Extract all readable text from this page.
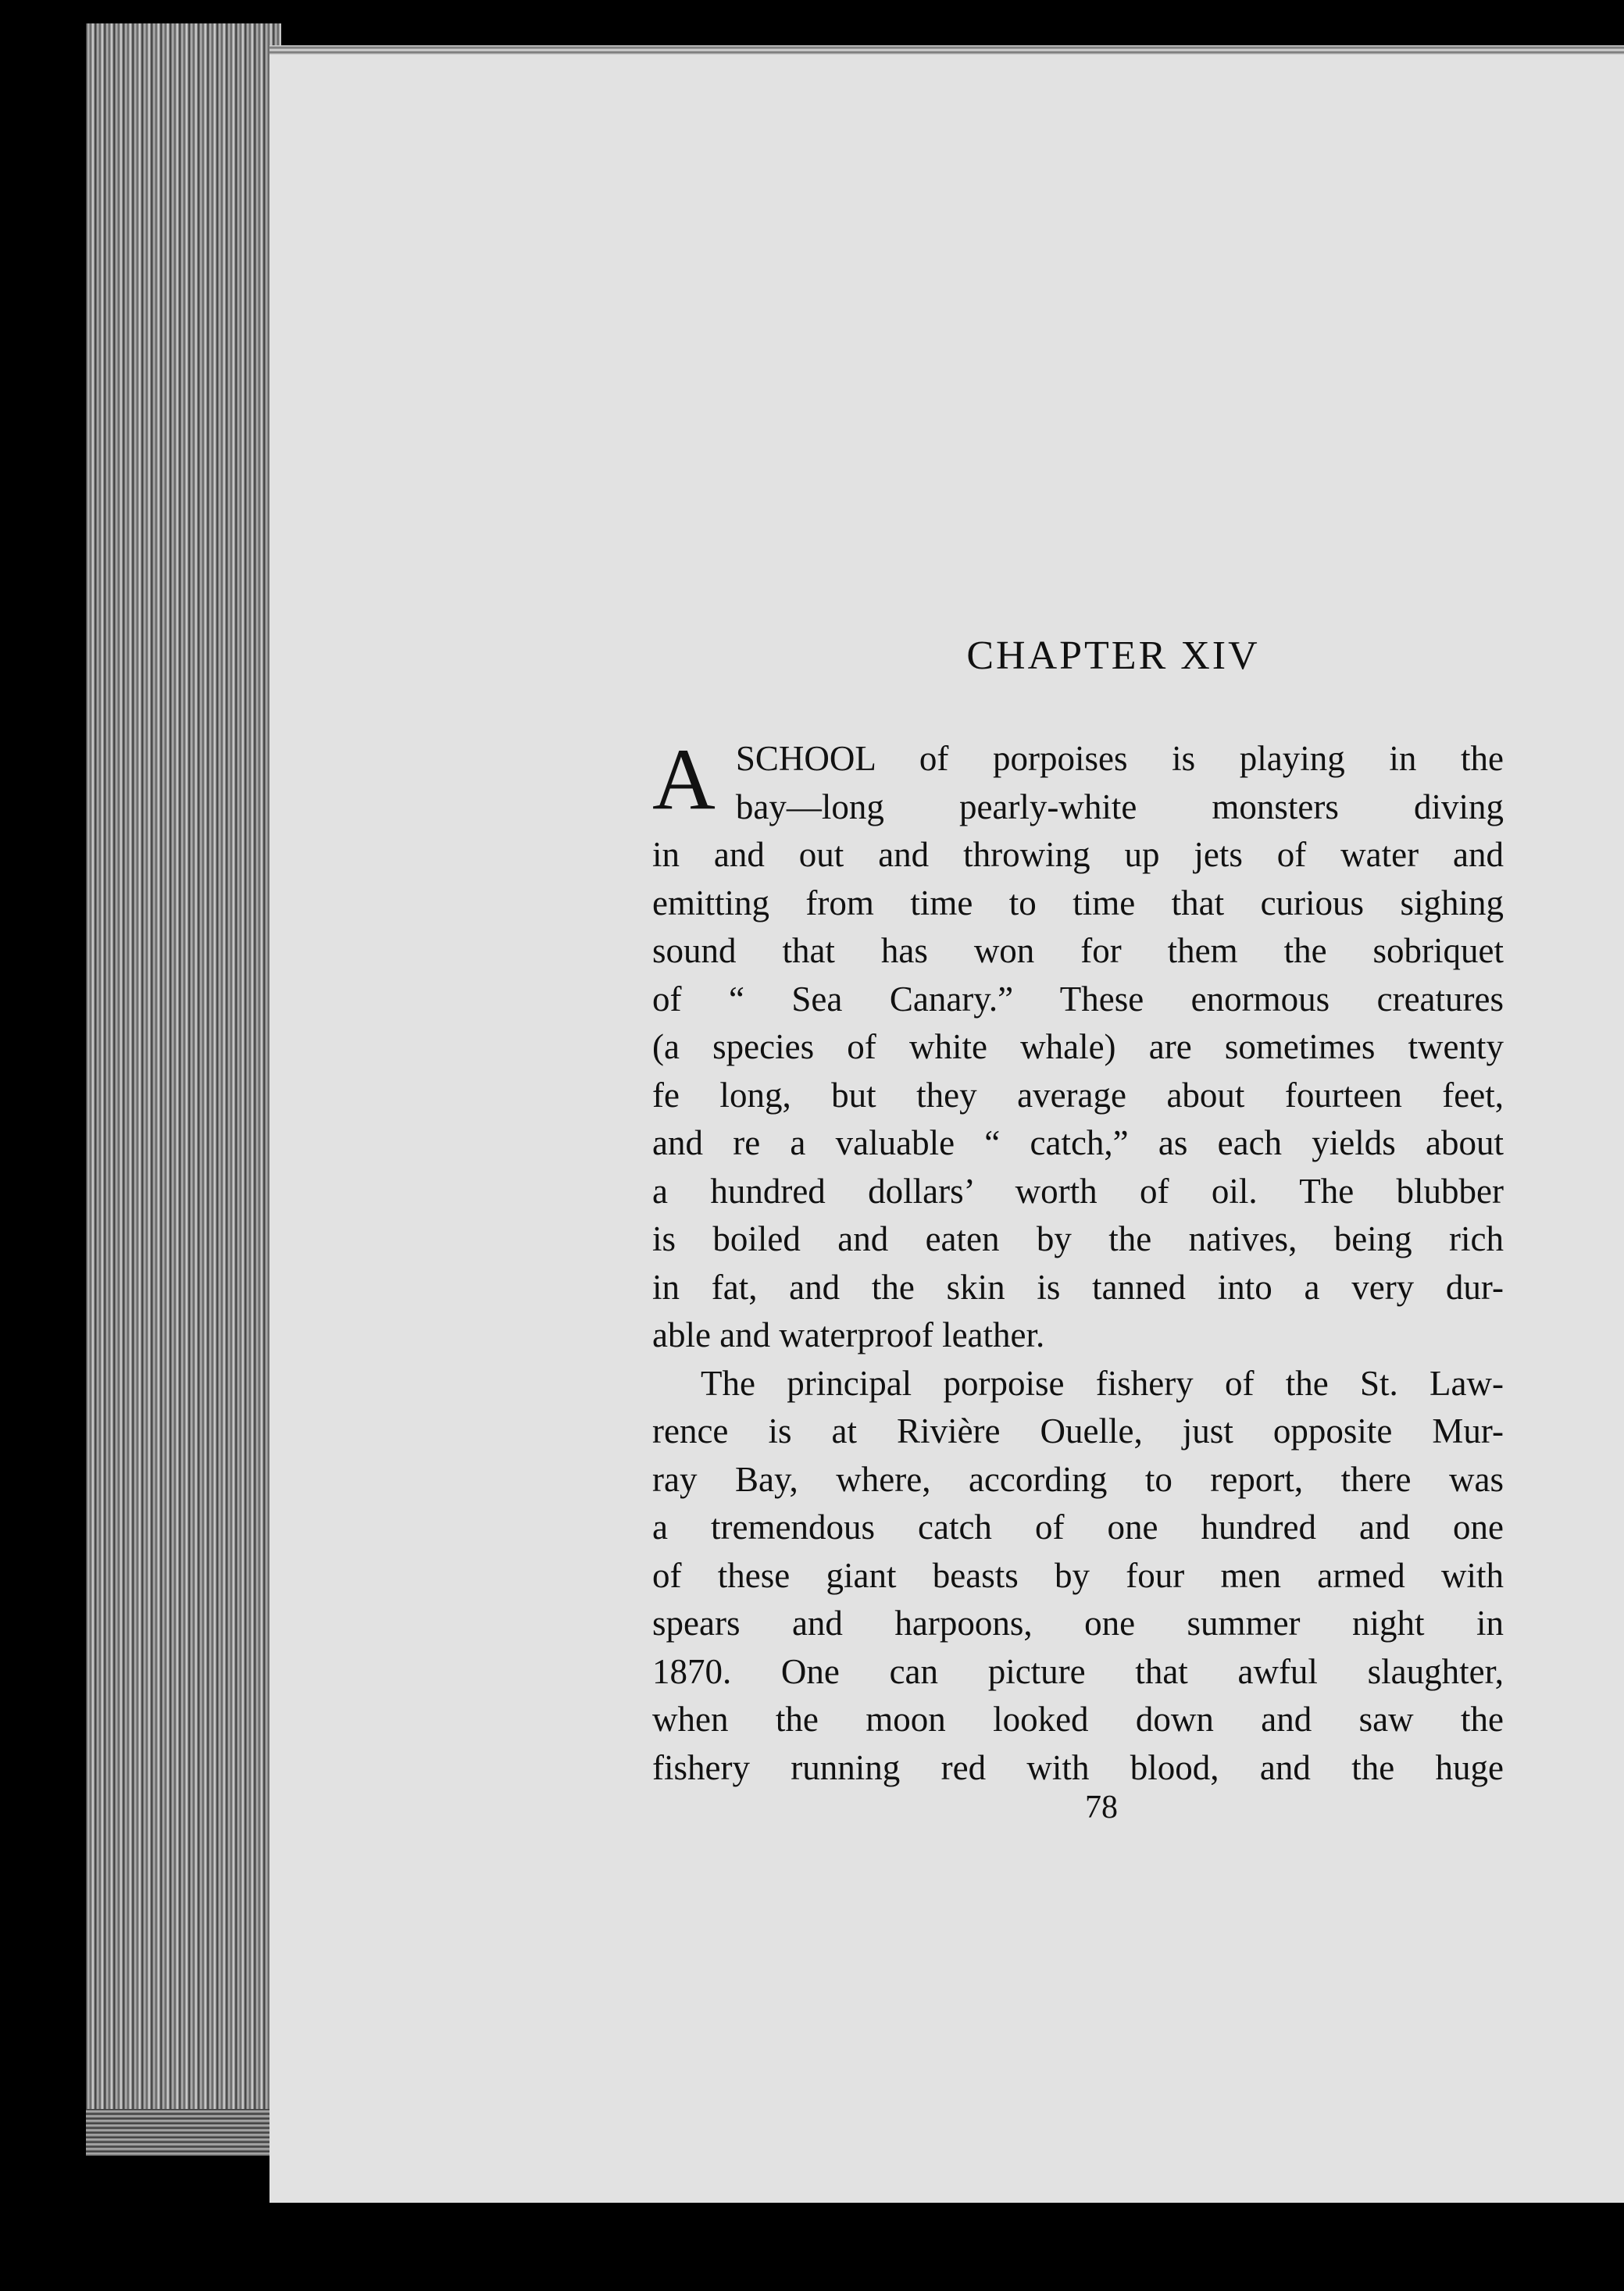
CHAPTER XIV

A SCHOOL of porpoises is playing in the
bay—long pearly-white monsters diving
in and out and throwing up jets of water and
emitting from time to time that curious sighing
sound that has won for them the sobriquet
of “ Sea Canary.” These enormous creatures
(a species of white whale) are sometimes twenty
fe long, but they average about fourteen feet,
and re a valuable “ catch,” as each yields about
a hundred dollars’ worth of oil. The blubber
is boiled and eaten by the natives, being rich
in fat, and the skin is tanned into a very dur-
able and waterproof leather.

The principal porpoise fishery of the St. Law-
rence is at Rivière Ouelle, just opposite Mur-
ray Bay, where, according to report, there was
a tremendous catch of one hundred and one
of these giant beasts by four men armed with
spears and harpoons, one summer night in
1870. One can picture that awful slaughter,
when the moon looked down and saw the
fishery running red with blood, and the huge

78
